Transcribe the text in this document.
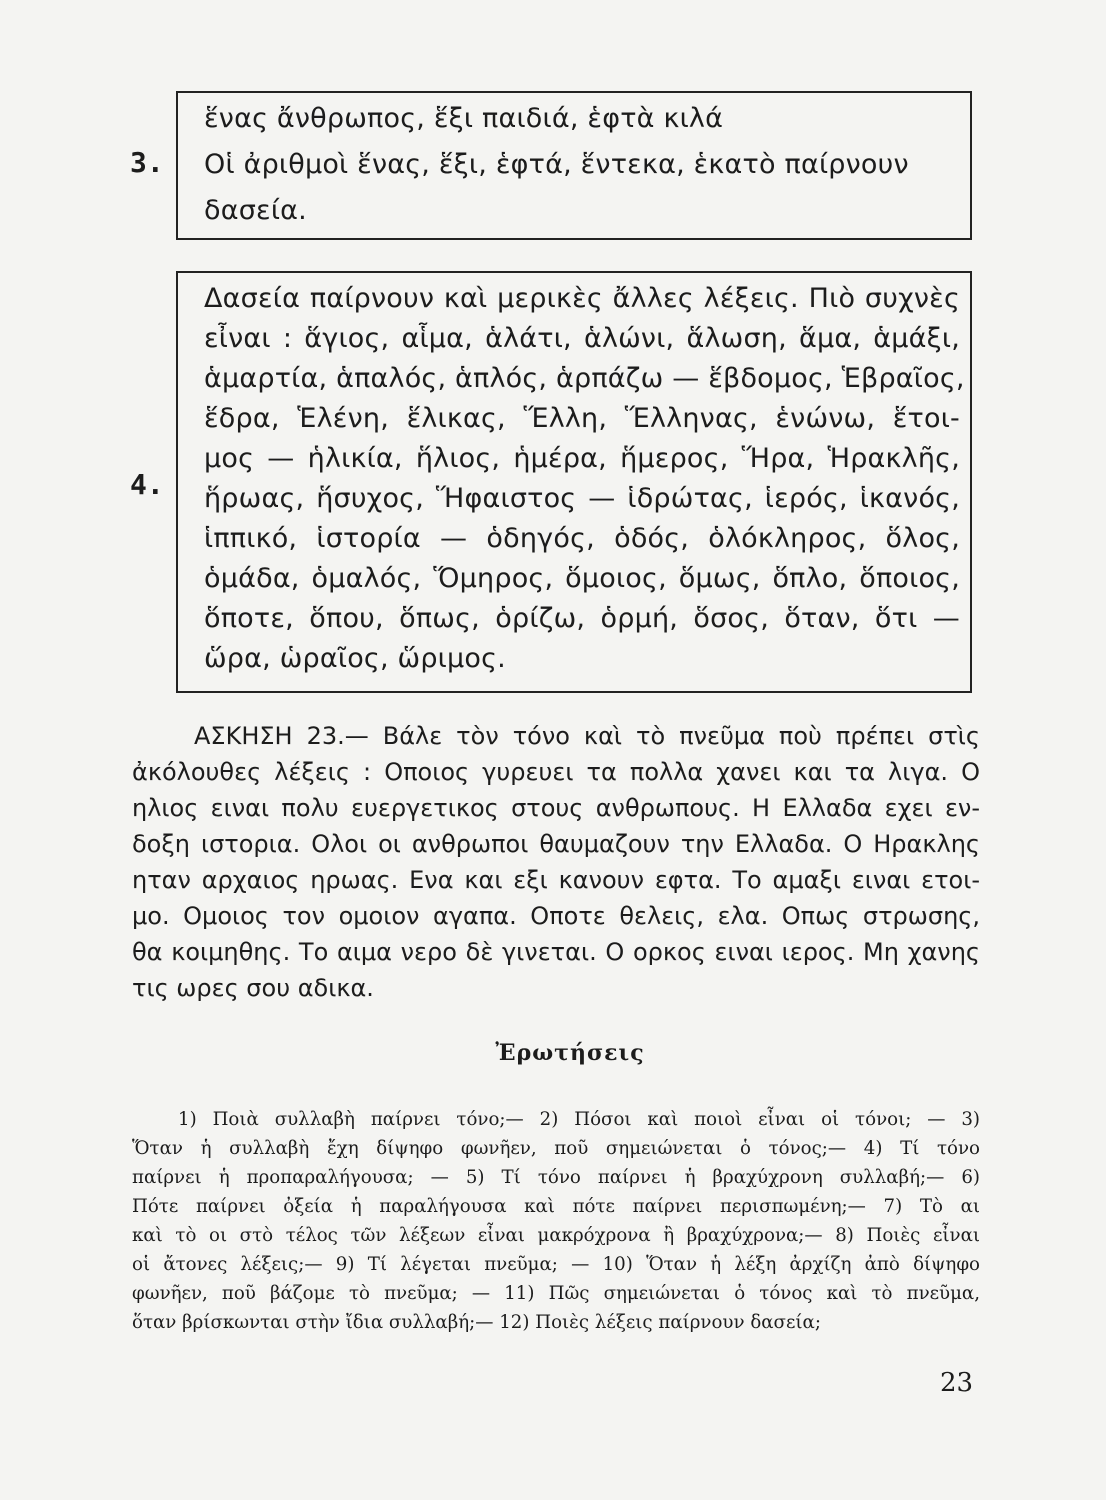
3.
ἕνας ἄνθρωπος, ἕξι παιδιά, ἑφτὰ κιλά
Οἱ ἀριθμοὶ ἕνας, ἕξι, ἑφτά, ἕντεκα, ἑκατὸ παίρνουν
δασεία.
4.
Δασεία παίρνουν καὶ μερικὲς ἄλλες λέξεις. Πιὸ συχνὲς
εἶναι : ἅγιος, αἷμα, ἁλάτι, ἁλώνι, ἅλωση, ἅμα, ἁμάξι,
ἁμαρτία, ἁπαλός, ἁπλός, ἁρπάζω — ἕβδομος, Ἑβραῖος,
ἕδρα, Ἑλένη, ἕλικας, Ἕλλη, Ἕλληνας, ἑνώνω, ἕτοι-
μος — ἡλικία, ἥλιος, ἡμέρα, ἥμερος, Ἥρα, Ἡρακλῆς,
ἥρωας, ἥσυχος, Ἥφαιστος — ἱδρώτας, ἱερός, ἱκανός,
ἱππικό, ἱστορία — ὁδηγός, ὁδός, ὁλόκληρος, ὅλος,
ὁμάδα, ὁμαλός, Ὅμηρος, ὅμοιος, ὅμως, ὅπλο, ὅποιος,
ὅποτε, ὅπου, ὅπως, ὁρίζω, ὁρμή, ὅσος, ὅταν, ὅτι —
ὥρα, ὡραῖος, ὥριμος.
ΑΣΚΗΣΗ 23.— Βάλε τὸν τόνο καὶ τὸ πνεῦμα ποὺ πρέπει στὶς
ἀκόλουθες λέξεις : Οποιος γυρευει τα πολλα χανει και τα λιγα. Ο
ηλιος ειναι πολυ ευεργετικος στους ανθρωπους. Η Ελλαδα εχει εν-
δοξη ιστορια. Ολοι οι ανθρωποι θαυμαζουν την Ελλαδα. Ο Ηρακλης
ηταν αρχαιος ηρωας. Ενα και εξι κανουν εφτα. Το αμαξι ειναι ετοι-
μο. Ομοιος τον ομοιον αγαπα. Οποτε θελεις, ελα. Οπως στρωσης,
θα κοιμηθης. Το αιμα νερο δὲ γινεται. Ο ορκος ειναι ιερος. Μη χανης
τις ωρες σου αδικα.
Ἐρωτήσεις
1) Ποιὰ συλλαβὴ παίρνει τόνο;— 2) Πόσοι καὶ ποιοὶ εἶναι οἱ τόνοι; — 3)
Ὅταν ἡ συλλαβὴ ἔχη δίψηφο φωνῆεν, ποῦ σημειώνεται ὁ τόνος;— 4) Τί τόνο
παίρνει ἡ προπαραλήγουσα; — 5) Τί τόνο παίρνει ἡ βραχύχρονη συλλαβή;— 6)
Πότε παίρνει ὀξεία ἡ παραλήγουσα καὶ πότε παίρνει περισπωμένη;— 7) Τὸ αι
καὶ τὸ οι στὸ τέλος τῶν λέξεων εἶναι μακρόχρονα ἢ βραχύχρονα;— 8) Ποιὲς εἶναι
οἱ ἄτονες λέξεις;— 9) Τί λέγεται πνεῦμα; — 10) Ὅταν ἡ λέξη ἀρχίζη ἀπὸ δίψηφο
φωνῆεν, ποῦ βάζομε τὸ πνεῦμα; — 11) Πῶς σημειώνεται ὁ τόνος καὶ τὸ πνεῦμα,
ὅταν βρίσκωνται στὴν ἴδια συλλαβή;— 12) Ποιὲς λέξεις παίρνουν δασεία;
23
